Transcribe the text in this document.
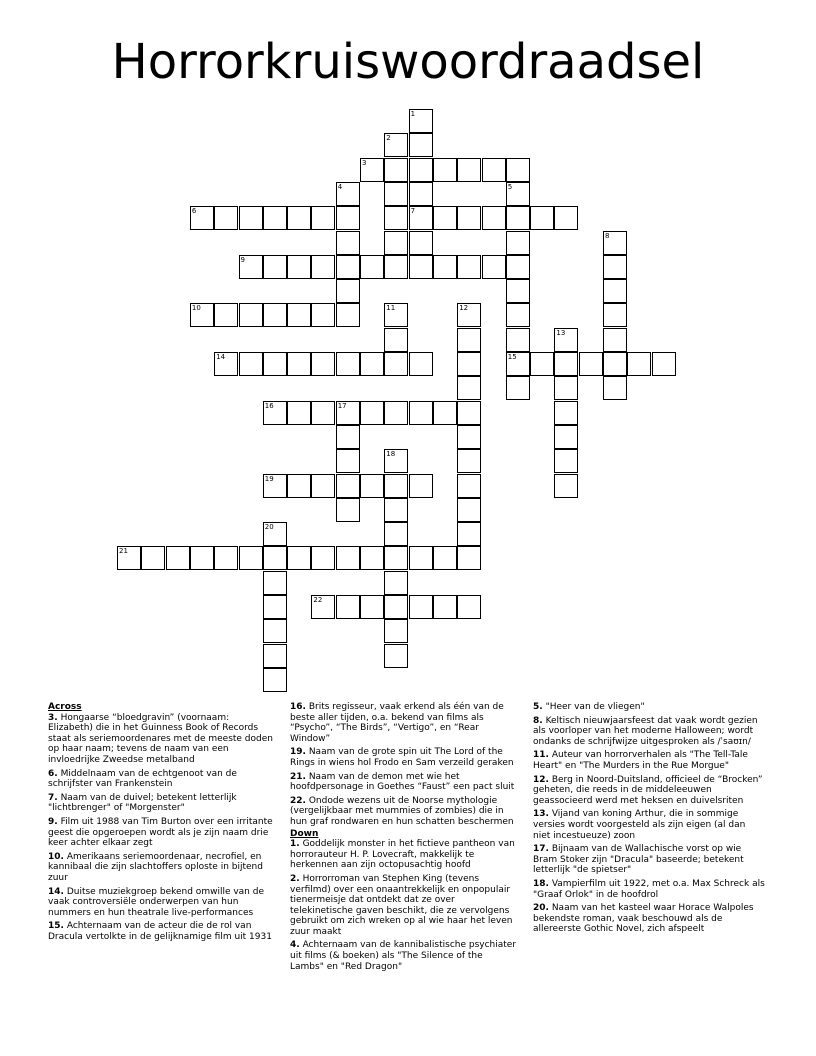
Horrorkruiswoordraadsel
1
7
2
3
4	5
15
6
8
9
10	11	12
13
14
16	17
18
19
20
21
22
Across
3. Hongaarse “bloedgravin” (voornaam: Elizabeth) die in het Guinness Book of Records staat als seriemoordenares met de meeste doden op haar naam; tevens de naam van een invloedrijke Zweedse metalband
6. Middelnaam van de echtgenoot van de schrijfster van Frankenstein
7. Naam van de duivel; betekent letterlijk "lichtbrenger" of "Morgenster"
9. Film uit 1988 van Tim Burton over een irritante geest die opgeroepen wordt als je zijn naam drie keer achter elkaar zegt
10. Amerikaans seriemoordenaar, necrofiel, en kannibaal die zijn slachtoffers oploste in bijtend zuur
14. Duitse muziekgroep bekend omwille van de vaak controversiële onderwerpen van hun nummers en hun theatrale live-performances
15. Achternaam van de acteur die de rol van Dracula vertolkte in de gelijknamige film uit 1931
16. Brits regisseur, vaak erkend als één van de beste aller tijden, o.a. bekend van films als “Psycho”, “The Birds”, “Vertigo”, en “Rear Window”
19. Naam van de grote spin uit The Lord of the Rings in wiens hol Frodo en Sam verzeild geraken
21. Naam van de demon met wie het hoofdpersonage in Goethes “Faust” een pact sluit
22. Ondode wezens uit de Noorse mythologie (vergelijkbaar met mummies of zombies) die in hun graf rondwaren en hun schatten beschermen
Down
1. Goddelijk monster in het fictieve pantheon van horrorauteur H. P. Lovecraft, makkelijk te herkennen aan zijn octopusachtig hoofd
2. Horrorroman van Stephen King (tevens verfilmd) over een onaantrekkelijk en onpopulair tienermeisje dat ontdekt dat ze over telekinetische gaven beschikt, die ze vervolgens gebruikt om zich wreken op al wie haar het leven zuur maakt
4. Achternaam van de kannibalistische psychiater uit films (& boeken) als "The Silence of the Lambs" en "Red Dragon"
5. "Heer van de vliegen"
8. Keltisch nieuwjaarsfeest dat vaak wordt gezien als voorloper van het moderne Halloween; wordt ondanks de schrijfwijze uitgesproken als /ˈsaʊɪn/
11. Auteur van horrorverhalen als "The Tell-Tale Heart" en "The Murders in the Rue Morgue"
12. Berg in Noord-Duitsland, officieel de “Brocken” geheten, die reeds in de middeleeuwen geassocieerd werd met heksen en duivelsriten
13. Vijand van koning Arthur, die in sommige versies wordt voorgesteld als zijn eigen (al dan niet incestueuze) zoon
17. Bijnaam van de Wallachische vorst op wie Bram Stoker zijn "Dracula" baseerde; betekent letterlijk "de spietser"
18. Vampierfilm uit 1922, met o.a. Max Schreck als "Graaf Orlok" in de hoofdrol
20. Naam van het kasteel waar Horace Walpoles bekendste roman, vaak beschouwd als de allereerste Gothic Novel, zich afspeelt
